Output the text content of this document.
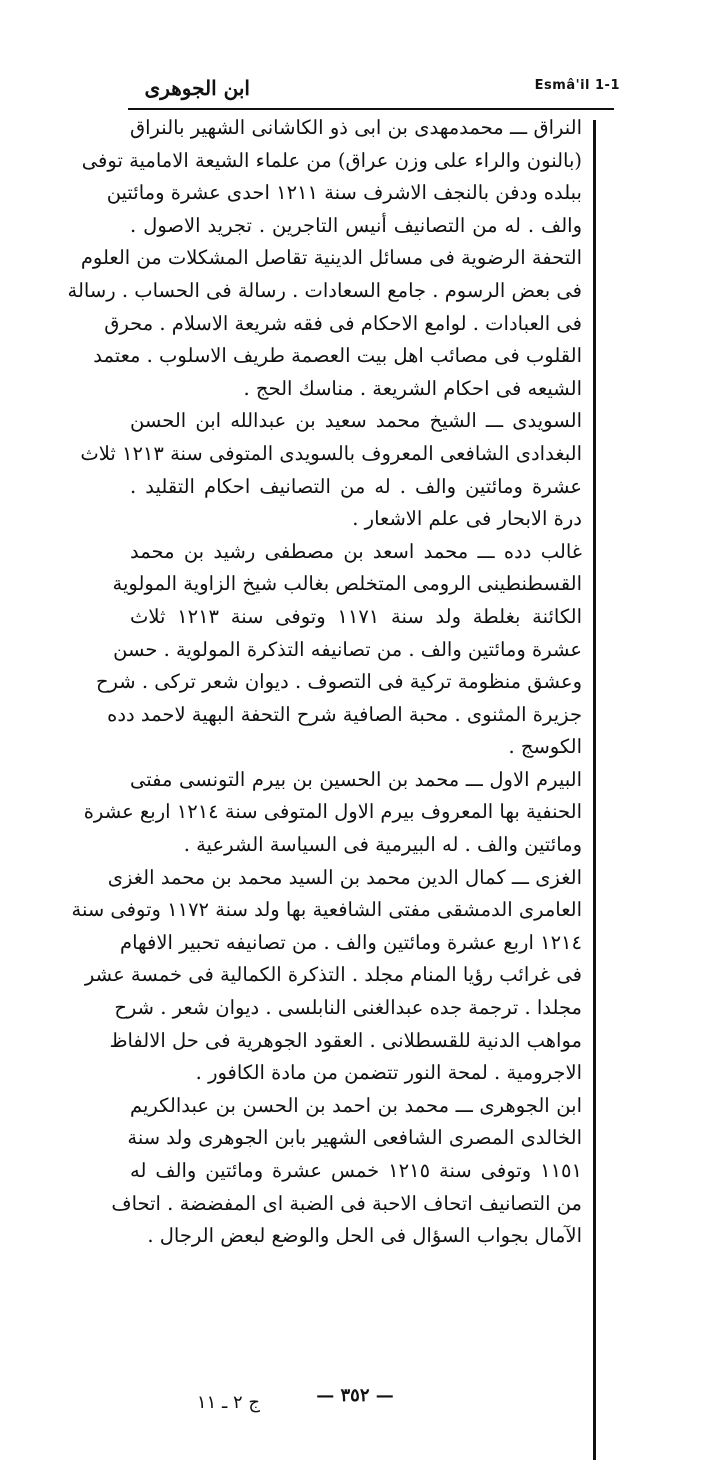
Esmâ'il 1-1
ابن الجوهرى
النراق ـــ محمدمهدى بن ابى ذو الكاشانى الشهير بالنراق
(بالنون والراء على وزن عراق) من علماء الشيعة الامامية توفى
ببلده ودفن بالنجف الاشرف سنة ١٢١١ احدى عشرة ومائتين
والف . له من التصانيف أنيس التاجرين . تجريد الاصول .
التحفة الرضوية فى مسائل الدينية تقاصل المشكلات من العلوم
فى بعض الرسوم . جامع السعادات . رسالة فى الحساب . رسالة
فى العبادات . لوامع الاحكام فى فقه شريعة الاسلام . محرق
القلوب فى مصائب اهل بيت العصمة طريف الاسلوب . معتمد
الشيعه فى احكام الشريعة . مناسك الحج .
السويدى ـــ الشيخ محمد سعيد بن عبدالله ابن الحسن
البغدادى الشافعى المعروف بالسويدى المتوفى سنة ١٢١٣ ثلاث
عشرة ومائتين والف . له من التصانيف احكام التقليد .
درة الابحار فى علم الاشعار .
غالب دده ـــ محمد اسعد بن مصطفى رشيد بن محمد
القسطنطينى الرومى المتخلص بغالب شيخ الزاوية المولوية
الكائنة بغلطة ولد سنة ١١٧١ وتوفى سنة ١٢١٣ ثلاث
عشرة ومائتين والف . من تصانيفه التذكرة المولوية . حسن
وعشق منظومة تركية فى التصوف . ديوان شعر تركى . شرح
جزيرة المثنوى . محبة الصافية شرح التحفة البهية لاحمد دده
الكوسج .
البيرم الاول ـــ محمد بن الحسين بن بيرم التونسى مفتى
الحنفية بها المعروف بيرم الاول المتوفى سنة ١٢١٤ اربع عشرة
ومائتين والف . له البيرمية فى السياسة الشرعية .
الغزى ـــ كمال الدين محمد بن السيد محمد بن محمد الغزى
العامرى الدمشقى مفتى الشافعية بها ولد سنة ١١٧٢ وتوفى سنة
١٢١٤ اربع عشرة ومائتين والف . من تصانيفه تحبير الافهام
فى غرائب رؤيا المنام مجلد . التذكرة الكمالية فى خمسة عشر
مجلدا . ترجمة جده عبدالغنى النابلسى . ديوان شعر . شرح
مواهب الدنية للقسطلانى . العقود الجوهرية فى حل الالفاظ
الاجرومية . لمحة النور تتضمن من مادة الكافور .
ابن الجوهرى ـــ محمد بن احمد بن الحسن بن عبدالكريم
الخالدى المصرى الشافعى الشهير بابن الجوهرى ولد سنة
١١٥١ وتوفى سنة ١٢١٥ خمس عشرة ومائتين والف له
من التصانيف اتحاف الاحبة فى الضبة اى المفضضة . اتحاف
الآمال بجواب السؤال فى الحل والوضع لبعض الرجال .
— ٣٥٢ —
ج ٢ ـ ١١
